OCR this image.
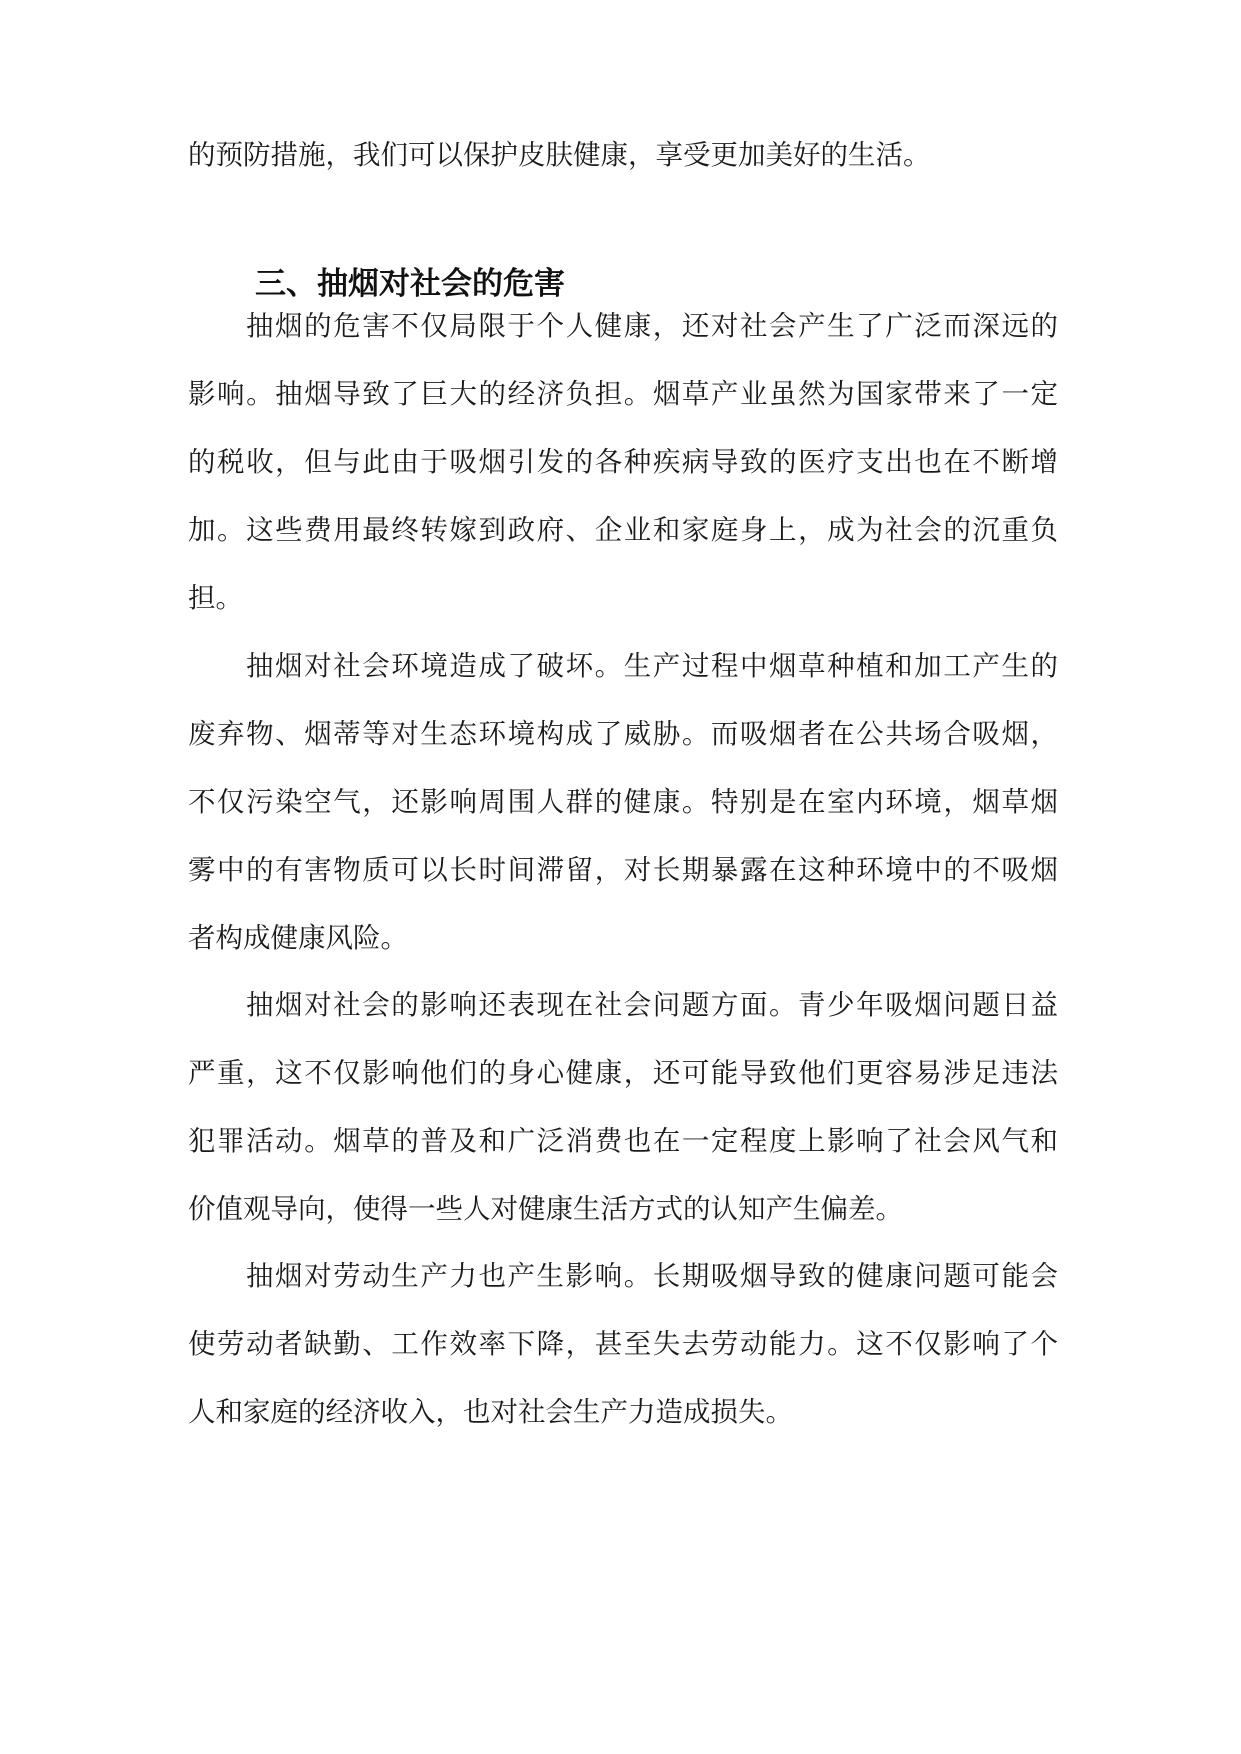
的预防措施，我们可以保护皮肤健康，享受更加美好的生活。
三、抽烟对社会的危害
抽烟的危害不仅局限于个人健康，还对社会产生了广泛而深远的
影响。抽烟导致了巨大的经济负担。烟草产业虽然为国家带来了一定
的税收，但与此由于吸烟引发的各种疾病导致的医疗支出也在不断增
加。这些费用最终转嫁到政府、企业和家庭身上，成为社会的沉重负
担。
抽烟对社会环境造成了破坏。生产过程中烟草种植和加工产生的
废弃物、烟蒂等对生态环境构成了威胁。而吸烟者在公共场合吸烟，
不仅污染空气，还影响周围人群的健康。特别是在室内环境，烟草烟
雾中的有害物质可以长时间滞留，对长期暴露在这种环境中的不吸烟
者构成健康风险。
抽烟对社会的影响还表现在社会问题方面。青少年吸烟问题日益
严重，这不仅影响他们的身心健康，还可能导致他们更容易涉足违法
犯罪活动。烟草的普及和广泛消费也在一定程度上影响了社会风气和
价值观导向，使得一些人对健康生活方式的认知产生偏差。
抽烟对劳动生产力也产生影响。长期吸烟导致的健康问题可能会
使劳动者缺勤、工作效率下降，甚至失去劳动能力。这不仅影响了个
人和家庭的经济收入，也对社会生产力造成损失。
